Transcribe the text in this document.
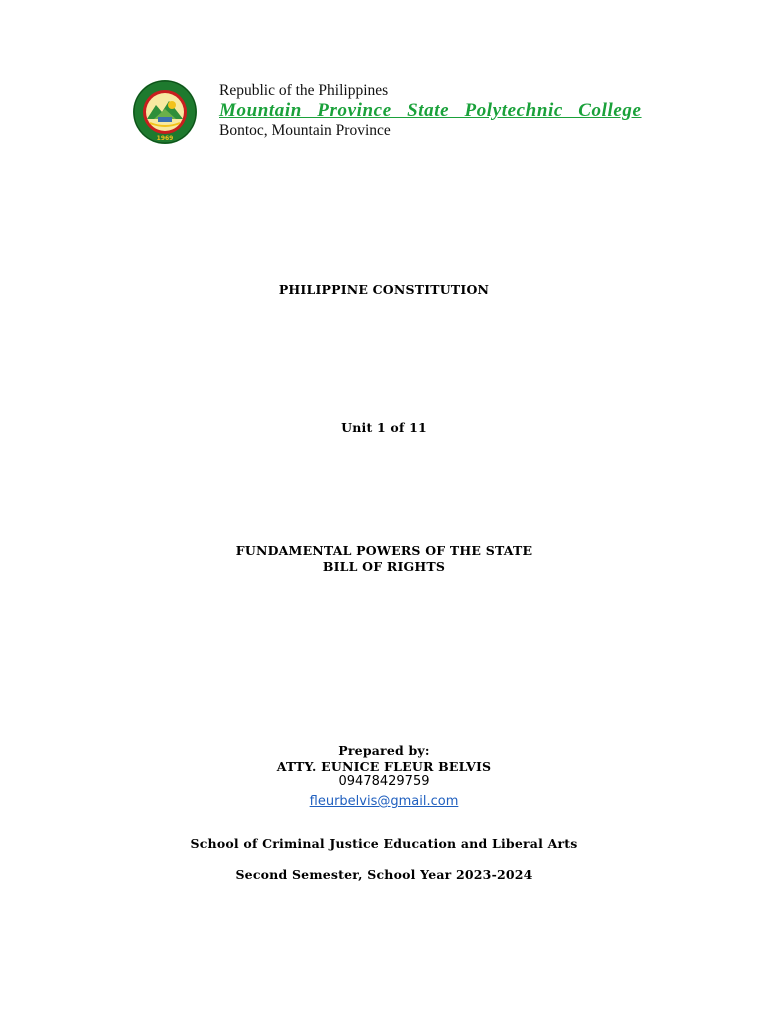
1969
Republic of the Philippines
Mountain Province State Polytechnic College
Bontoc, Mountain Province
PHILIPPINE CONSTITUTION
Unit 1 of 11
FUNDAMENTAL POWERS OF THE STATE
BILL OF RIGHTS
Prepared by:
ATTY. EUNICE FLEUR BELVIS
09478429759
fleurbelvis@gmail.com
School of Criminal Justice Education and Liberal Arts
Second Semester, School Year 2023-2024
